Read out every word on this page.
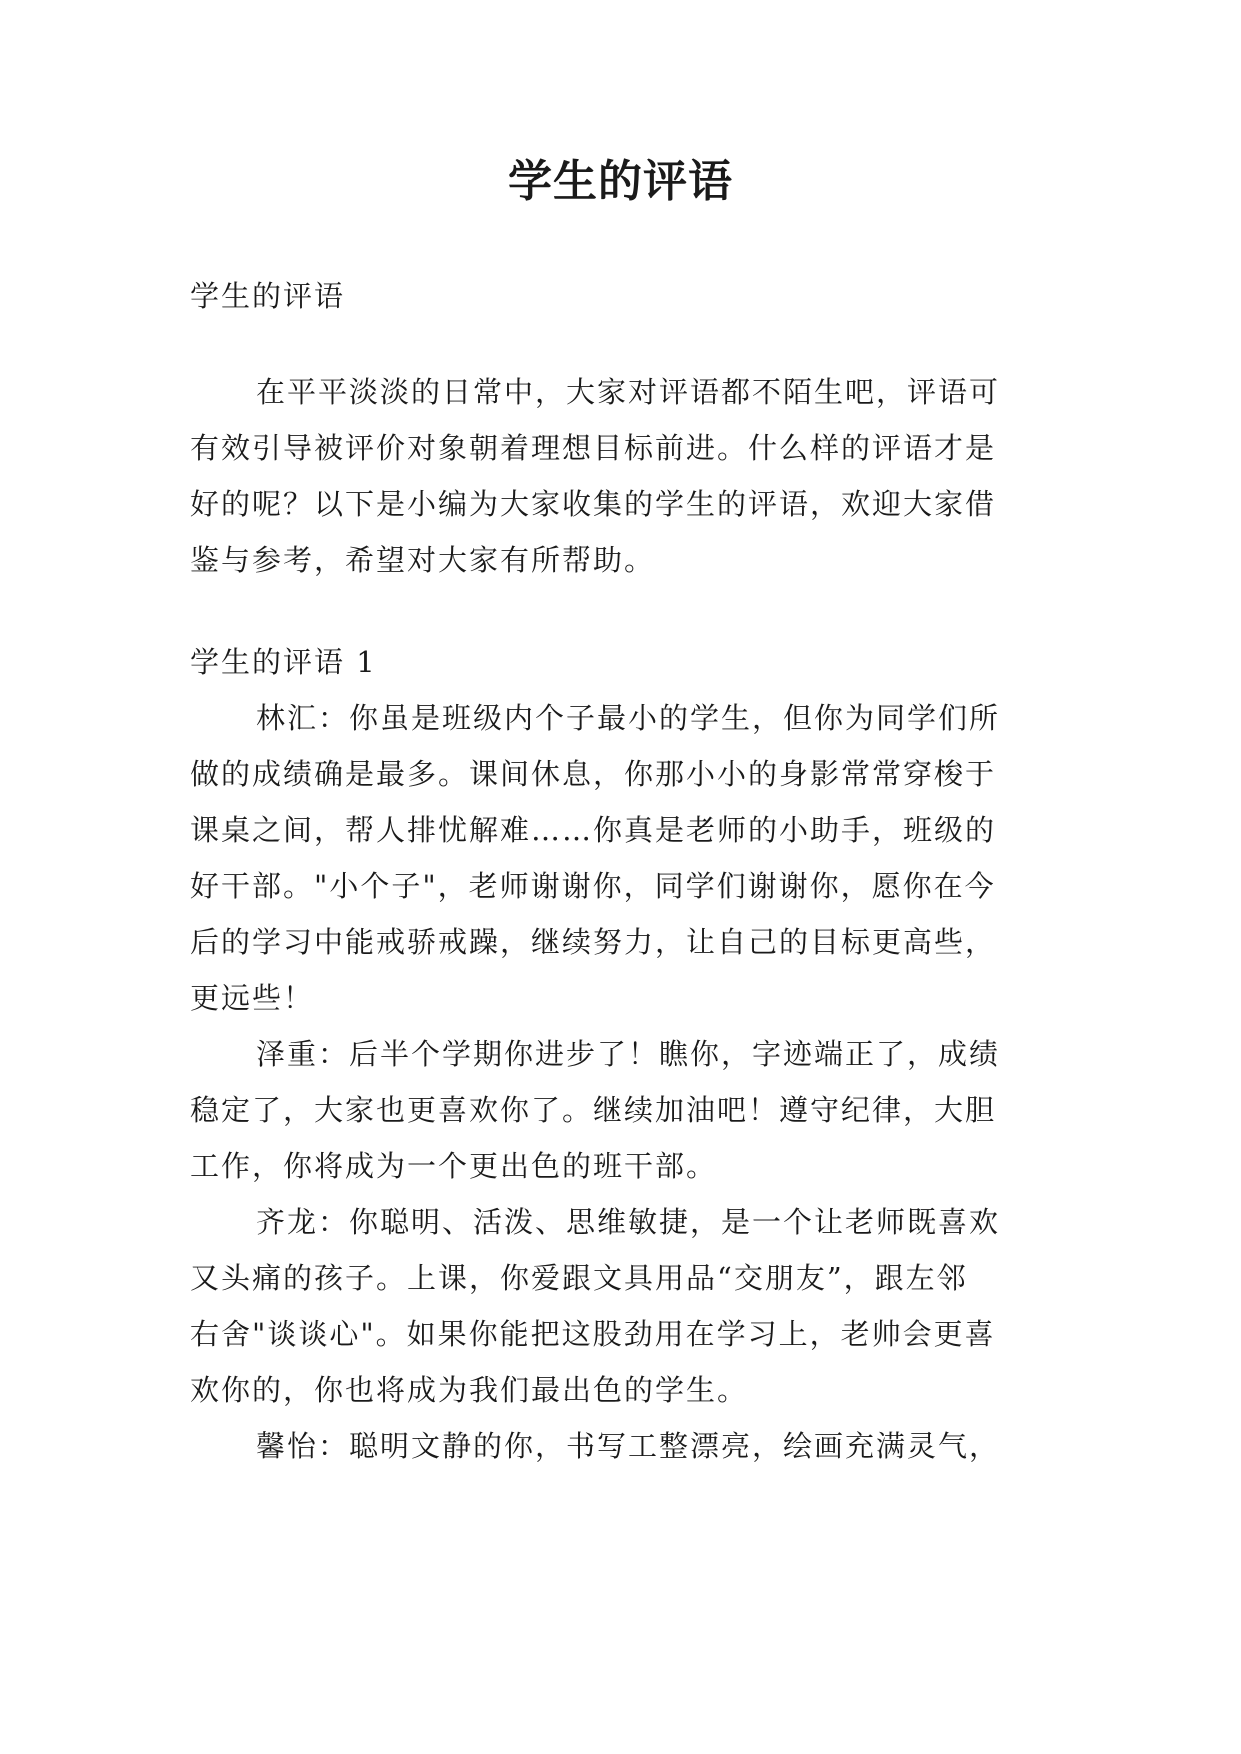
学生的评语
学生的评语
在平平淡淡的日常中，大家对评语都不陌生吧，评语可
有效引导被评价对象朝着理想目标前进。什么样的评语才是
好的呢？以下是小编为大家收集的学生的评语，欢迎大家借
鉴与参考，希望对大家有所帮助。
学生的评语 1
林汇：你虽是班级内个子最小的学生，但你为同学们所
做的成绩确是最多。课间休息，你那小小的身影常常穿梭于
课桌之间，帮人排忧解难……你真是老师的小助手，班级的
好干部。"小个子"，老师谢谢你，同学们谢谢你，愿你在今
后的学习中能戒骄戒躁，继续努力，让自己的目标更高些，
更远些！
泽重：后半个学期你进步了！瞧你，字迹端正了，成绩
稳定了，大家也更喜欢你了。继续加油吧！遵守纪律，大胆
工作，你将成为一个更出色的班干部。
齐龙：你聪明、活泼、思维敏捷，是一个让老师既喜欢
又头痛的孩子。上课，你爱跟文具用品“交朋友”，跟左邻
右舍"谈谈心"。如果你能把这股劲用在学习上，老帅会更喜
欢你的，你也将成为我们最出色的学生。
馨怡：聪明文静的你，书写工整漂亮，绘画充满灵气，
